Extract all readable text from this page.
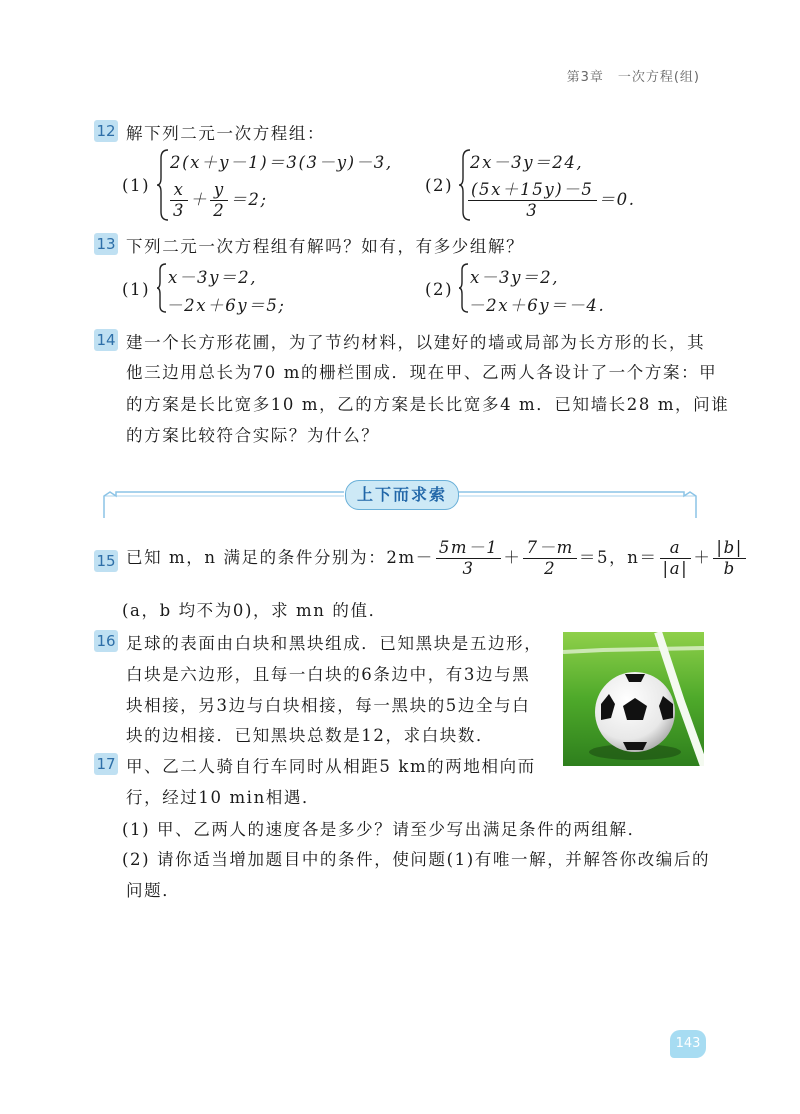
第3章　一次方程(组)
12 解下列二元一次方程组：
(1)
2(x＋y－1)＝3(3－y)－3,
$\frac{x}{3} + \frac{y}{2} =2$;
(2)
2x－3y＝24,
$\frac{(5x+15y)-5}{3} =0$.
13 下列二元一次方程组有解吗？如有，有多少组解？
(1)
x－3y＝2,
－2x＋6y＝5;
(2)
x－3y＝2,
－2x＋6y＝－4.
14 建一个长方形花圃，为了节约材料，以建好的墙或局部为长方形的长，其
他三边用总长为70 m的栅栏围成．现在甲、乙两人各设计了一个方案：甲
的方案是长比宽多10 m，乙的方案是长比宽多4 m．已知墙长28 m，问谁
的方案比较符合实际？为什么？
上下而求索
15 已知 m，n 满足的条件分别为：$2m- \frac{5m-1}{3} + \frac{7-m}{2} =5$，$n= \frac{a}{|a|} + \frac{|b|}{b}$
(a，b 均不为0)，求 mn 的值．
16 足球的表面由白块和黑块组成．已知黑块是五边形，
白块是六边形，且每一白块的6条边中，有3边与黑
块相接，另3边与白块相接，每一黑块的5边全与白
块的边相接．已知黑块总数是12，求白块数．
17 甲、乙二人骑自行车同时从相距5 km的两地相向而
行，经过10 min相遇．
(1) 甲、乙两人的速度各是多少？请至少写出满足条件的两组解．
(2) 请你适当增加题目中的条件，使问题(1)有唯一解，并解答你改编后的
问题．
143
